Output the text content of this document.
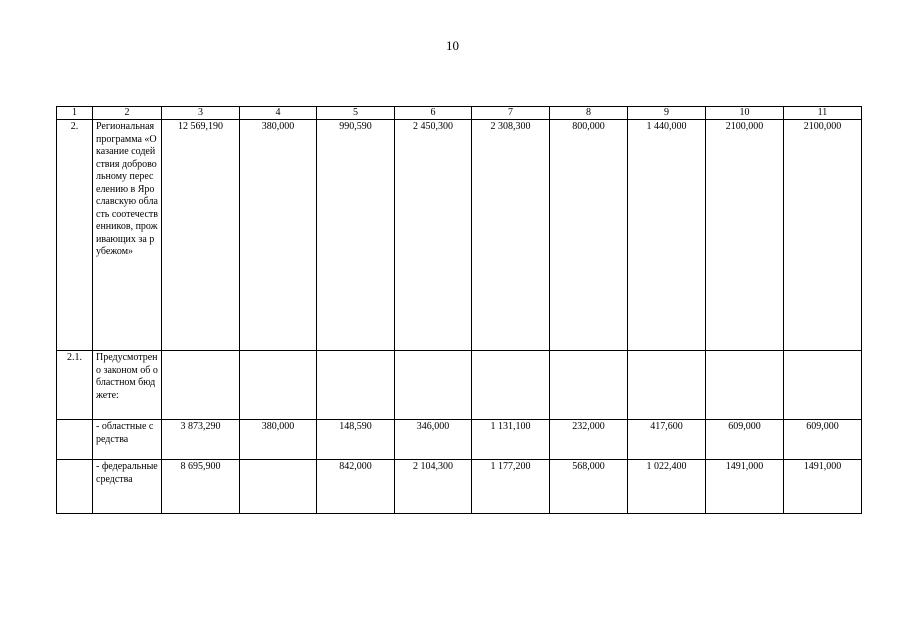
10
1	2	3	4	5	6	7	8	9	10	11
2.	Региональная программа «Оказание содействия добровольному переселению в Ярославскую область соотечественников, проживающих за рубежом»	12 569,190	380,000	990,590	2 450,300	2 308,300	800,000	1 440,000	2100,000	2100,000
2.1.	Предусмотрено законом об областном бюджете:									
	- областные средства	3 873,290	380,000	148,590	346,000	1 131,100	232,000	417,600	609,000	609,000
	- федеральные средства	8 695,900		842,000	2 104,300	1 177,200	568,000	1 022,400	1491,000	1491,000
